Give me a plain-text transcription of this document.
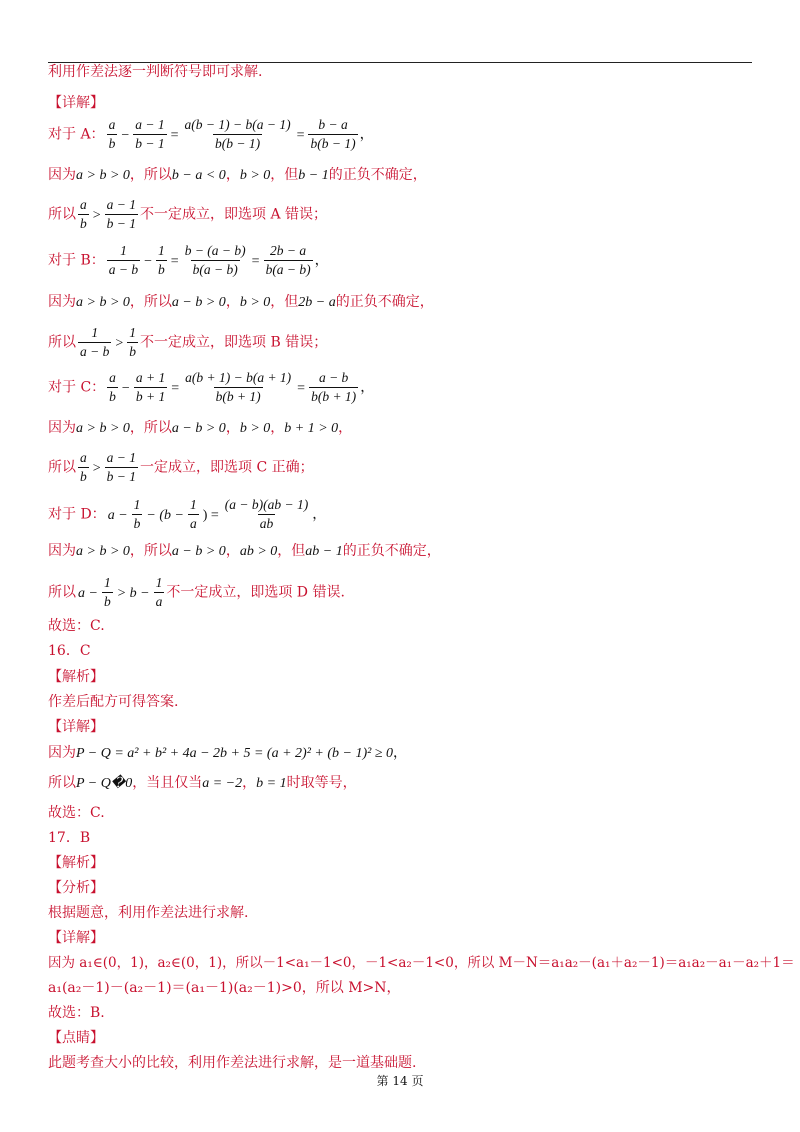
利用作差法逐一判断符号即可求解.
【详解】
对于 A： $\frac{a}{b} - \frac{a - 1}{b - 1} = \frac{a(b - 1) - b(a - 1)}{b(b - 1)} = \frac{b - a}{b(b - 1)}$ ，
因为a > b > 0，所以b − a < 0，b > 0，但b − 1的正负不确定，
所以 $\frac{a}{b} > \frac{a - 1}{b - 1}$ 不一定成立，即选项 A 错误；
对于 B： $\frac{1}{a - b} - \frac{1}{b} = \frac{b - (a - b)}{b(a - b)} = \frac{2b - a}{b(a - b)}$ ，
因为a > b > 0，所以a − b > 0，b > 0，但2b − a的正负不确定，
所以 $\frac{1}{a - b} > \frac{1}{b}$ 不一定成立，即选项 B 错误；
对于 C： $\frac{a}{b} - \frac{a + 1}{b + 1} = \frac{a(b + 1) - b(a + 1)}{b(b + 1)} = \frac{a - b}{b(b + 1)}$ ，
因为a > b > 0，所以a − b > 0，b > 0，b + 1 > 0，
所以 $\frac{a}{b} > \frac{a - 1}{b - 1}$ 一定成立，即选项 C 正确；
对于 D： $a - \frac{1}{b} - (b - \frac{1}{a}$ ) = $\frac{(a - b)(ab - 1)}{ab}$ ，
因为a > b > 0，所以a − b > 0，ab > 0，但ab − 1的正负不确定，
所以 $a - \frac{1}{b} > b - \frac{1}{a}$ 不一定成立，即选项 D 错误.
故选：C.
16．C
【解析】
作差后配方可得答案.
【详解】
因为P − Q = a² + b² + 4a − 2b + 5 = (a + 2)² + (b − 1)² ≥ 0，
所以P − Q�0，当且仅当a = −2，b = 1时取等号，
故选：C.
17．B
【解析】
【分析】
根据题意，利用作差法进行求解.
【详解】
因为 a₁∈(0，1)，a₂∈(0，1)，所以－1<a₁－1<0，－1<a₂－1<0，所以 M－N＝a₁a₂－(a₁＋a₂－1)＝a₁a₂－a₁－a₂＋1＝
a₁(a₂－1)－(a₂－1)＝(a₁－1)(a₂－1)>0，所以 M>N，
故选：B.
【点睛】
此题考查大小的比较，利用作差法进行求解，是一道基础题.
第 14 页
